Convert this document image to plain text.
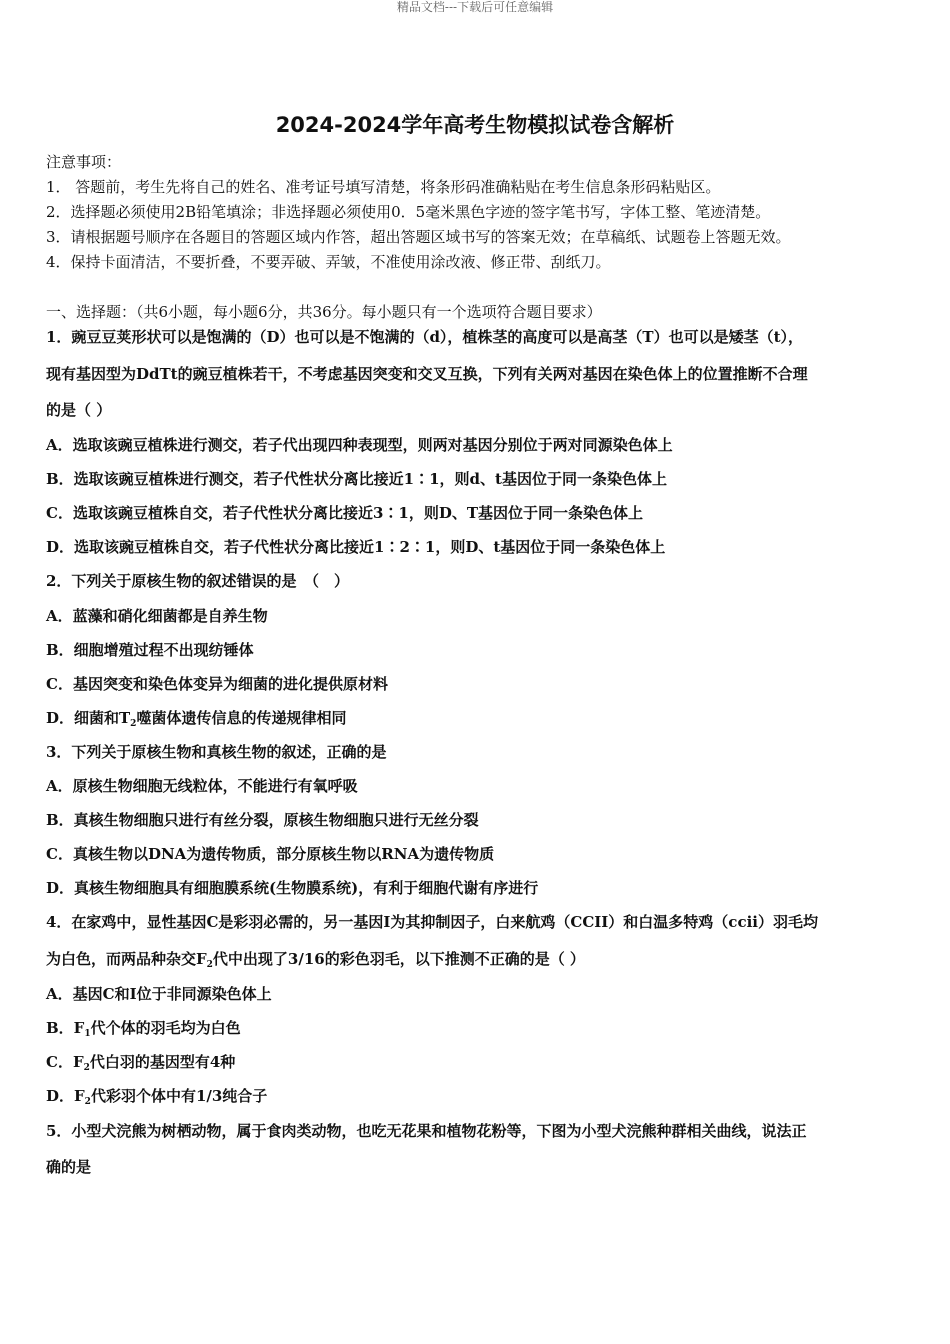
精品文档---下载后可任意编辑
2024-2024学年高考生物模拟试卷含解析
注意事项：
1． 答题前，考生先将自己的姓名、准考证号填写清楚，将条形码准确粘贴在考生信息条形码粘贴区。
2．选择题必须使用2B铅笔填涂；非选择题必须使用0．5毫米黑色字迹的签字笔书写，字体工整、笔迹清楚。
3．请根据题号顺序在各题目的答题区域内作答，超出答题区域书写的答案无效；在草稿纸、试题卷上答题无效。
4．保持卡面清洁，不要折叠，不要弄破、弄皱，不准使用涂改液、修正带、刮纸刀。
一、选择题：（共6小题，每小题6分，共36分。每小题只有一个选项符合题目要求）
1．豌豆豆荚形状可以是饱满的（D）也可以是不饱满的（d），植株茎的高度可以是高茎（T）也可以是矮茎（t），
现有基因型为DdTt的豌豆植株若干，不考虑基因突变和交叉互换，下列有关两对基因在染色体上的位置推断不合理
的是（ ）
A．选取该豌豆植株进行测交，若子代出现四种表现型，则两对基因分别位于两对同源染色体上
B．选取该豌豆植株进行测交，若子代性状分离比接近1∶1，则d、t基因位于同一条染色体上
C．选取该豌豆植株自交，若子代性状分离比接近3∶1，则D、T基因位于同一条染色体上
D．选取该豌豆植株自交，若子代性状分离比接近1∶2∶1，则D、t基因位于同一条染色体上
2．下列关于原核生物的叙述错误的是　（　）
A．蓝藻和硝化细菌都是自养生物
B．细胞增殖过程不出现纺锤体
C．基因突变和染色体变异为细菌的进化提供原材料
D．细菌和$T_2$噬菌体遗传信息的传递规律相同
3．下列关于原核生物和真核生物的叙述，正确的是
A．原核生物细胞无线粒体，不能进行有氧呼吸
B．真核生物细胞只进行有丝分裂，原核生物细胞只进行无丝分裂
C．真核生物以DNA为遗传物质，部分原核生物以RNA为遗传物质
D．真核生物细胞具有细胞膜系统(生物膜系统)，有利于细胞代谢有序进行
4．在家鸡中，显性基因C是彩羽必需的，另一基因I为其抑制因子，白来航鸡（CCII）和白温多特鸡（ccii）羽毛均
为白色，而两品种杂交$F_2$代中出现了3/16的彩色羽毛，以下推测不正确的是（ ）
A．基因C和I位于非同源染色体上
B．$F_1$代个体的羽毛均为白色
C．$F_2$代白羽的基因型有4种
D．$F_2$代彩羽个体中有1/3纯合子
5．小型犬浣熊为树栖动物，属于食肉类动物，也吃无花果和植物花粉等，下图为小型犬浣熊种群相关曲线，说法正
确的是
